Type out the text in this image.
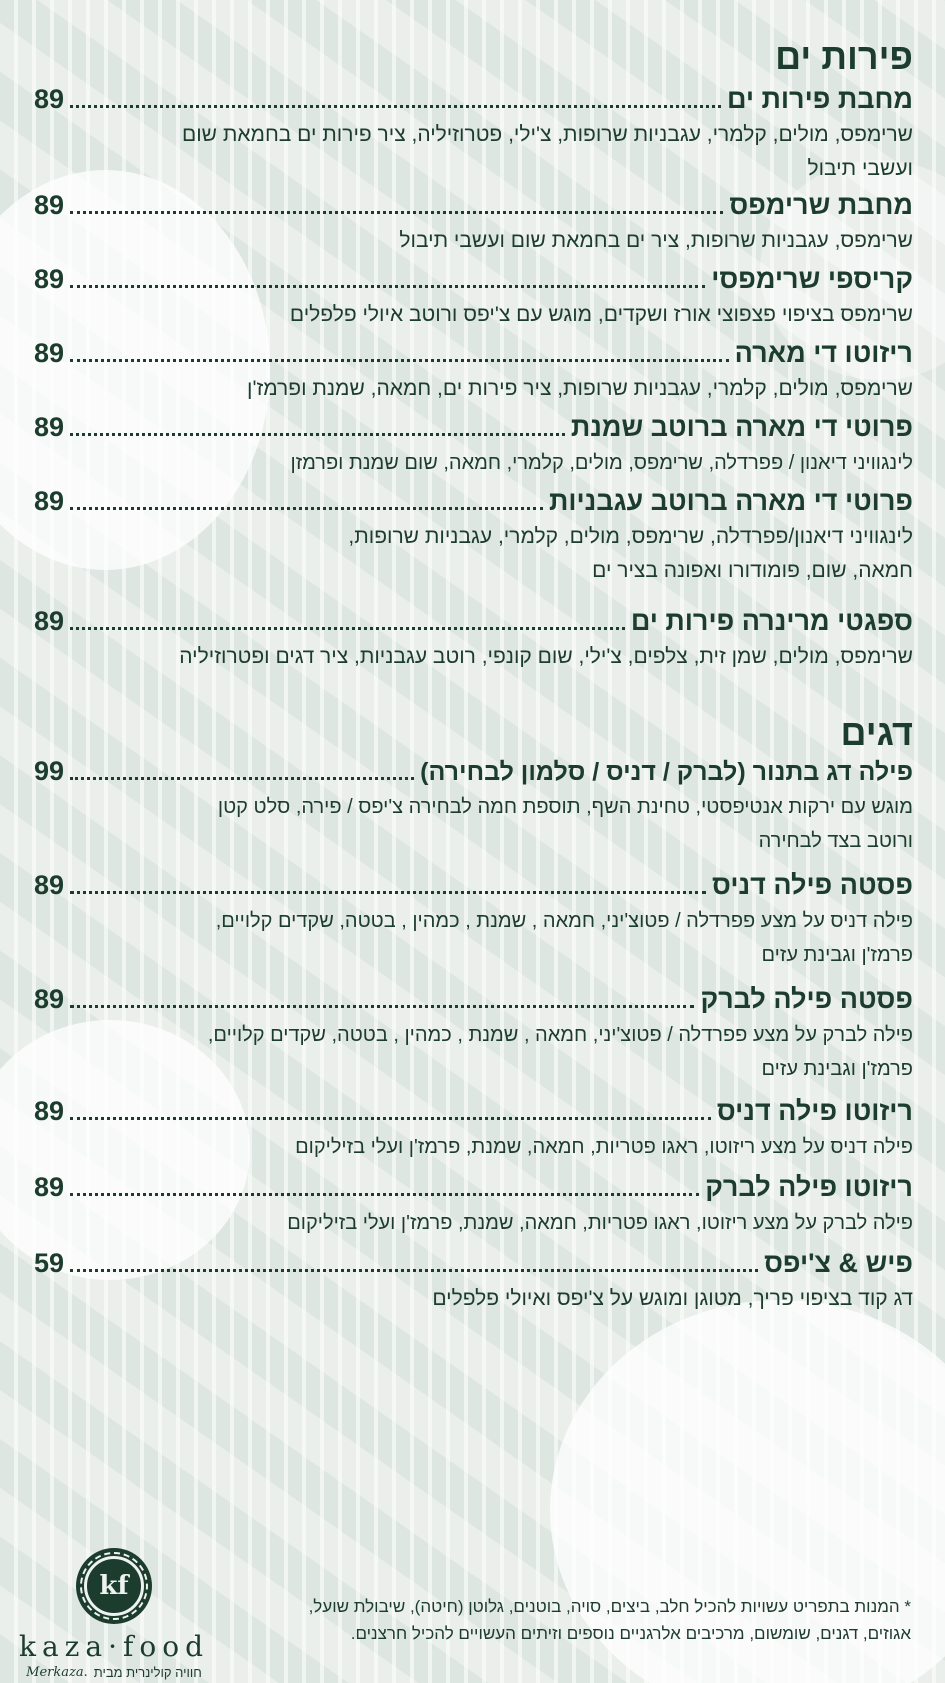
פירות ים
מחבת פירות ים
89
שרימפס, מולים, קלמרי, עגבניות שרופות, צ'ילי, פטרוזיליה, ציר פירות ים בחמאת שום
ועשבי תיבול
מחבת שרימפס
89
שרימפס, עגבניות שרופות, ציר ים בחמאת שום ועשבי תיבול
קריספי שרימפסי
89
שרימפס בציפוי פצפוצי אורז ושקדים, מוגש עם צ'יפס ורוטב איולי פלפלים
ריזוטו די מארה
89
שרימפס, מולים, קלמרי, עגבניות שרופות, ציר פירות ים, חמאה, שמנת ופרמז'ן
פרוטי די מארה ברוטב שמנת
89
לינגוויני דיאנון / פפרדלה, שרימפס, מולים, קלמרי, חמאה, שום שמנת ופרמזן
פרוטי די מארה ברוטב עגבניות
89
לינגוויני דיאנון/פפרדלה, שרימפס, מולים, קלמרי, עגבניות שרופות,
חמאה, שום, פומודורו ואפונה בציר ים
ספגטי מרינרה פירות ים
89
שרימפס, מולים, שמן זית, צלפים, צ'ילי, שום קונפי, רוטב עגבניות, ציר דגים ופטרוזיליה
דגים
פילה דג בתנור (לברק / דניס / סלמון לבחירה)
99
מוגש עם ירקות אנטיפסטי, טחינת השף, תוספת חמה לבחירה צ'יפס / פירה, סלט קטן
ורוטב בצד לבחירה
פסטה פילה דניס
89
פילה דניס על מצע פפרדלה / פטוצ'יני, חמאה , שמנת , כמהין , בטטה, שקדים קלויים,
פרמז'ן וגבינת עזים
פסטה פילה לברק
89
פילה לברק על מצע פפרדלה / פטוצ'יני, חמאה , שמנת , כמהין , בטטה, שקדים קלויים,
פרמז'ן וגבינת עזים
ריזוטו פילה דניס
89
פילה דניס על מצע ריזוטו, ראגו פטריות, חמאה, שמנת, פרמז'ן ועלי בזיליקום
ריזוטו פילה לברק
89
פילה לברק על מצע ריזוטו, ראגו פטריות, חמאה, שמנת, פרמז'ן ועלי בזיליקום
פיש & צ'יפס
59
דג קוד בציפוי פריך, מטוגן ומוגש על צ'יפס ואיולי פלפלים
* המנות בתפריט עשויות להכיל חלב, ביצים, סויה, בוטנים, גלוטן (חיטה), שיבולת שועל,
אגוזים, דגנים, שומשום, מרכיבים אלרגניים נוספים וזיתים העשויים להכיל חרצנים.
kf
kaza·food
Merkaza. חוויה קולינרית מבית
